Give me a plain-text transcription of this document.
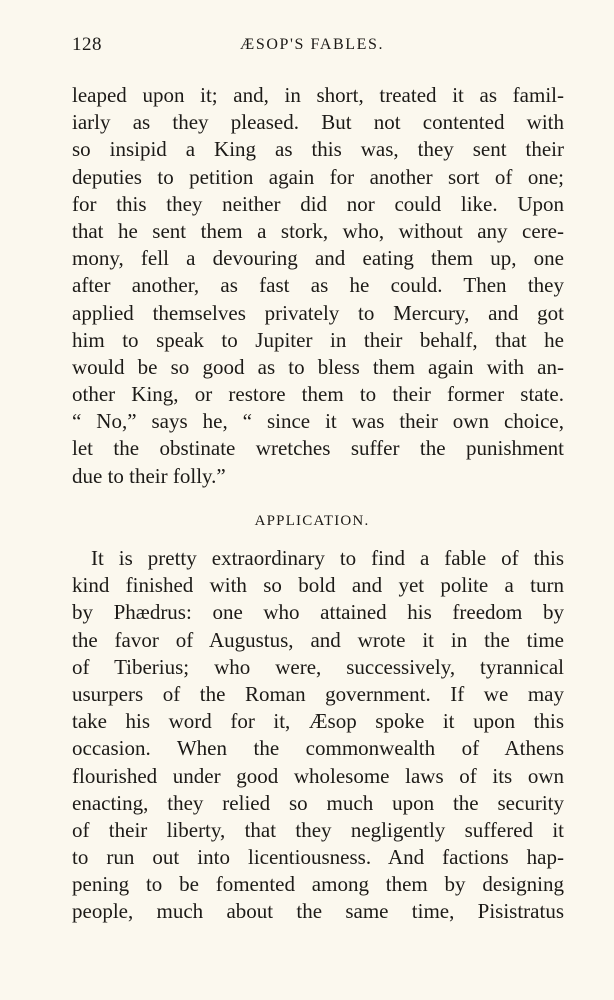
128	ÆSOP'S FABLES.
leaped upon it; and, in short, treated it as famil-
iarly as they pleased. But not contented with
so insipid a King as this was, they sent their
deputies to petition again for another sort of one;
for this they neither did nor could like. Upon
that he sent them a stork, who, without any cere-
mony, fell a devouring and eating them up, one
after another, as fast as he could. Then they
applied themselves privately to Mercury, and got
him to speak to Jupiter in their behalf, that he
would be so good as to bless them again with an-
other King, or restore them to their former state.
“ No,” says he, “ since it was their own choice,
let the obstinate wretches suffer the punishment
due to their folly.”
APPLICATION.
It is pretty extraordinary to find a fable of this
kind finished with so bold and yet polite a turn
by Phædrus: one who attained his freedom by
the favor of Augustus, and wrote it in the time
of Tiberius; who were, successively, tyrannical
usurpers of the Roman government. If we may
take his word for it, Æsop spoke it upon this
occasion. When the commonwealth of Athens
flourished under good wholesome laws of its own
enacting, they relied so much upon the security
of their liberty, that they negligently suffered it
to run out into licentiousness. And factions hap-
pening to be fomented among them by designing
people, much about the same time, Pisistratus
